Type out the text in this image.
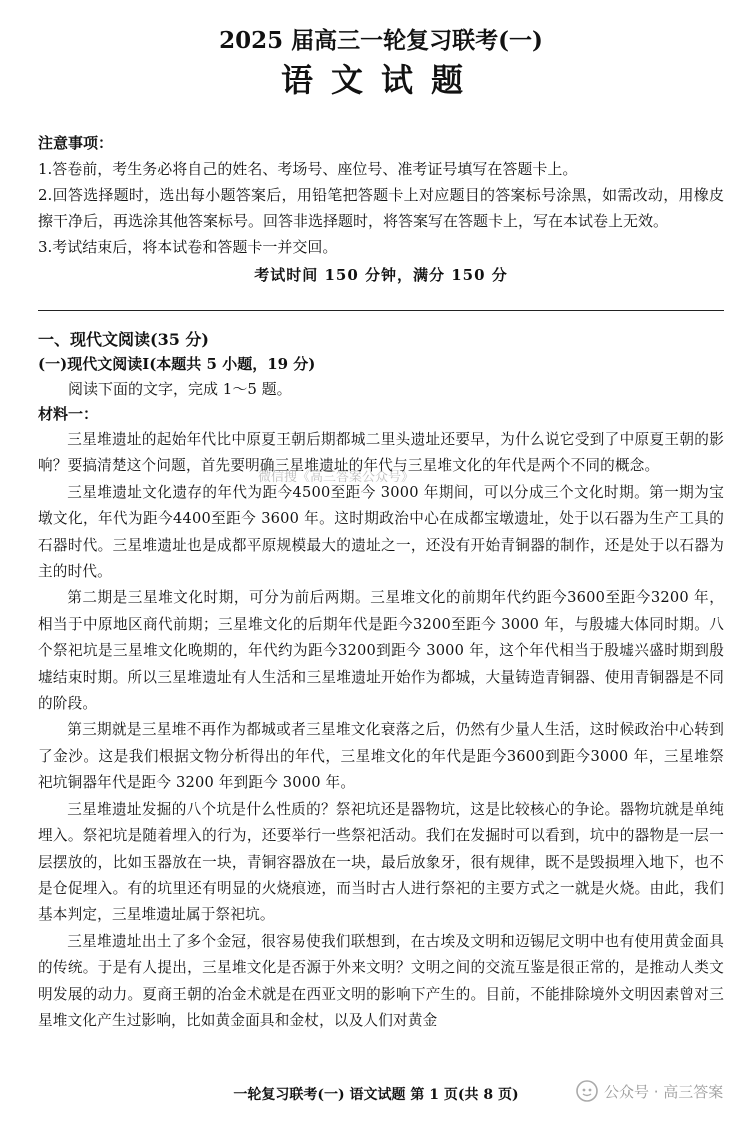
2025 届高三一轮复习联考(一)
语文试题
注意事项：
1.答卷前，考生务必将自己的姓名、考场号、座位号、准考证号填写在答题卡上。
2.回答选择题时，选出每小题答案后，用铅笔把答题卡上对应题目的答案标号涂黑，如需改动，用橡皮擦干净后，再选涂其他答案标号。回答非选择题时，将答案写在答题卡上，写在本试卷上无效。
3.考试结束后，将本试卷和答题卡一并交回。
考试时间 150 分钟，满分 150 分
一、现代文阅读(35 分)
(一)现代文阅读Ⅰ(本题共 5 小题，19 分)
阅读下面的文字，完成 1～5 题。
材料一：

三星堆遗址的起始年代比中原夏王朝后期都城二里头遗址还要早，为什么说它受到了中原夏王朝的影响？要搞清楚这个问题，首先要明确三星堆遗址的年代与三星堆文化的年代是两个不同的概念。

三星堆遗址文化遗存的年代为距今4500至距今 3000 年期间，可以分成三个文化时期。第一期为宝墩文化，年代为距今4400至距今 3600 年。这时期政治中心在成都宝墩遗址，处于以石器为生产工具的石器时代。三星堆遗址也是成都平原规模最大的遗址之一，还没有开始青铜器的制作，还是处于以石器为主的时代。

第二期是三星堆文化时期，可分为前后两期。三星堆文化的前期年代约距今3600至距今3200 年，相当于中原地区商代前期；三星堆文化的后期年代是距今3200至距今 3000 年，与殷墟大体同时期。八个祭祀坑是三星堆文化晚期的，年代约为距今3200到距今 3000 年，这个年代相当于殷墟兴盛时期到殷墟结束时期。所以三星堆遗址有人生活和三星堆遗址开始作为都城，大量铸造青铜器、使用青铜器是不同的阶段。

第三期就是三星堆不再作为都城或者三星堆文化衰落之后，仍然有少量人生活，这时候政治中心转到了金沙。这是我们根据文物分析得出的年代，三星堆文化的年代是距今3600到距今3000 年，三星堆祭祀坑铜器年代是距今 3200 年到距今 3000 年。

三星堆遗址发掘的八个坑是什么性质的？祭祀坑还是器物坑，这是比较核心的争论。器物坑就是单纯埋入。祭祀坑是随着埋入的行为，还要举行一些祭祀活动。我们在发掘时可以看到，坑中的器物是一层一层摆放的，比如玉器放在一块，青铜容器放在一块，最后放象牙，很有规律，既不是毁损埋入地下，也不是仓促埋入。有的坑里还有明显的火烧痕迹，而当时古人进行祭祀的主要方式之一就是火烧。由此，我们基本判定，三星堆遗址属于祭祀坑。

三星堆遗址出土了多个金冠，很容易使我们联想到，在古埃及文明和迈锡尼文明中也有使用黄金面具的传统。于是有人提出，三星堆文化是否源于外来文明？文明之间的交流互鉴是很正常的，是推动人类文明发展的动力。夏商王朝的冶金术就是在西亚文明的影响下产生的。目前，不能排除境外文明因素曾对三星堆文化产生过影响，比如黄金面具和金杖，以及人们对黄金

微信搜《高三答案公众号》
一轮复习联考(一) 语文试题 第 1 页(共 8 页)	公众号 · 高三答案
